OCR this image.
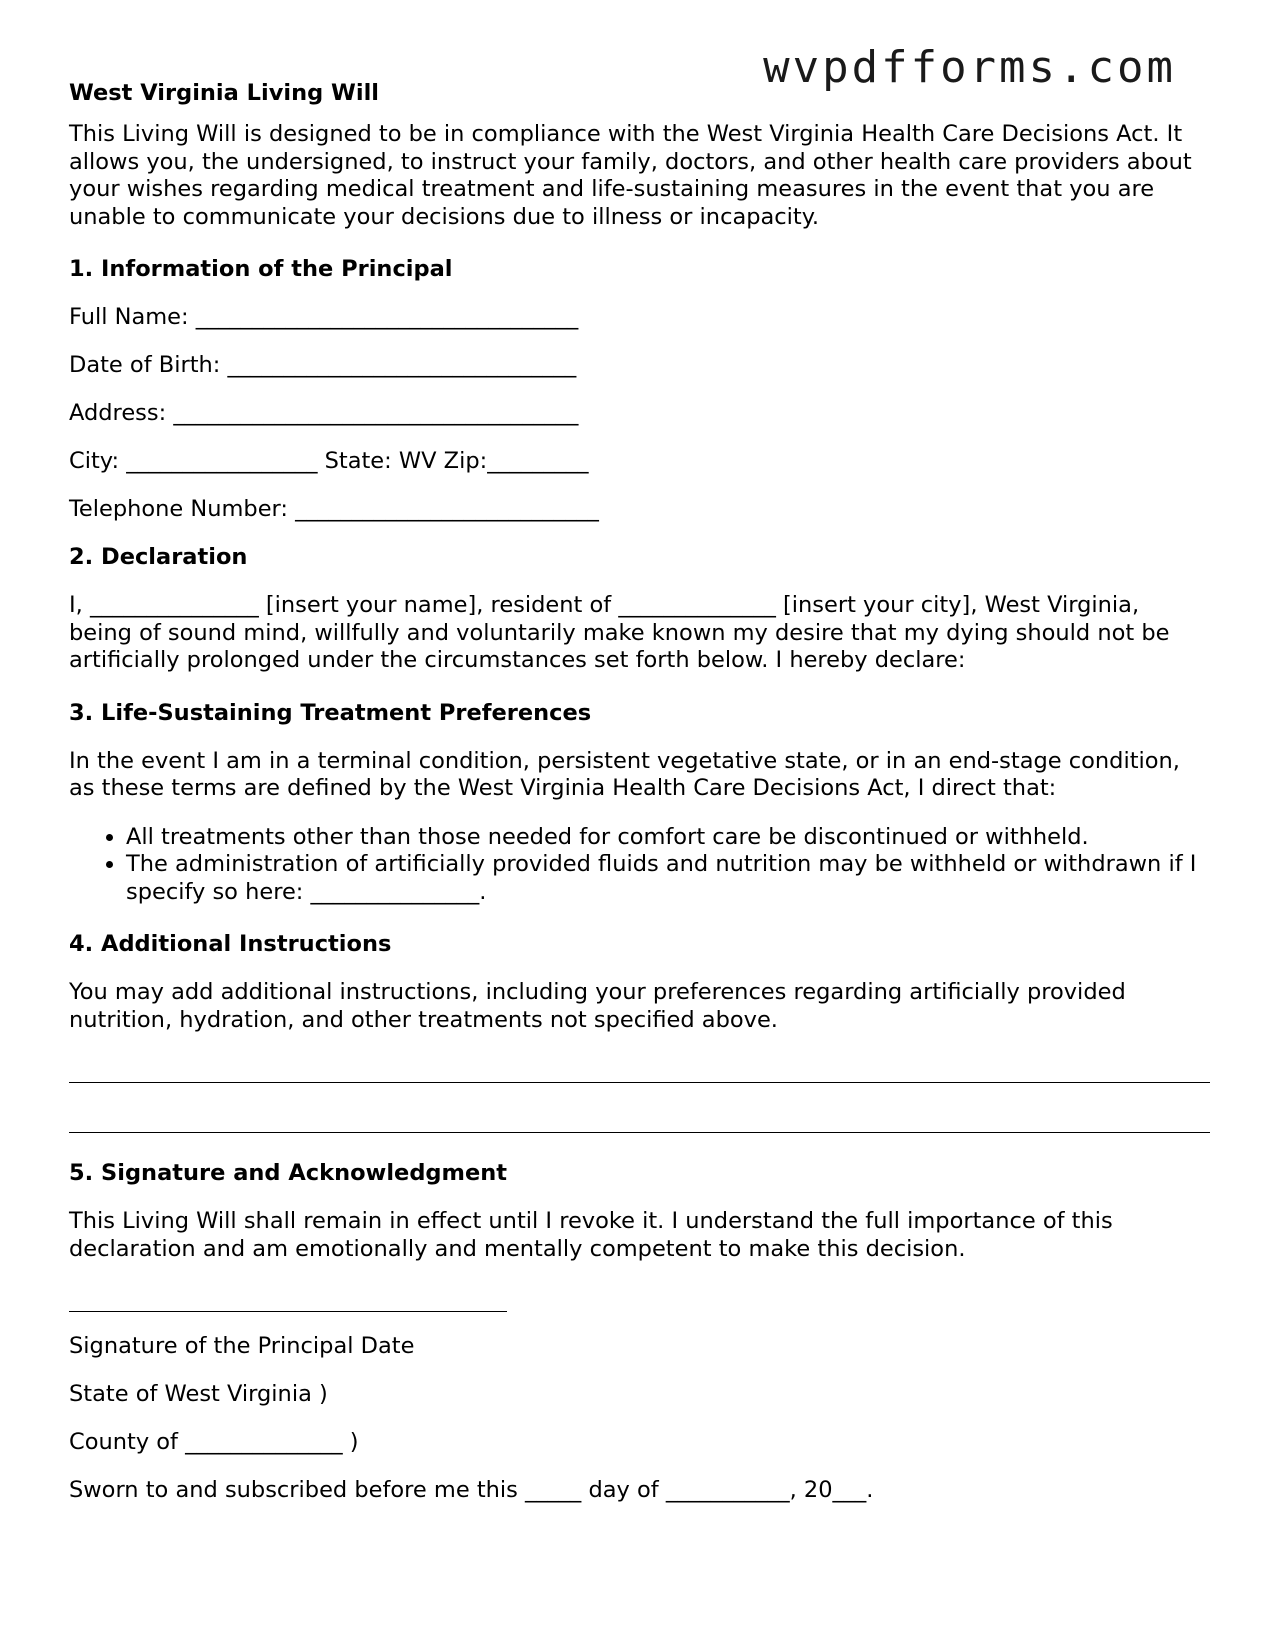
wvpdfforms.com
West Virginia Living Will

This Living Will is designed to be in compliance with the West Virginia Health Care Decisions Act. It allows you, the undersigned, to instruct your family, doctors, and other health care providers about your wishes regarding medical treatment and life-sustaining measures in the event that you are unable to communicate your decisions due to illness or incapacity.

1. Information of the Principal

Full Name: __________________________________

Date of Birth: _______________________________

Address: ____________________________________

City: _________________ State: WV Zip:_________

Telephone Number: ___________________________

2. Declaration

I, _______________ [insert your name], resident of ______________ [insert your city], West Virginia, being of sound mind, willfully and voluntarily make known my desire that my dying should not be artificially prolonged under the circumstances set forth below. I hereby declare:

3. Life-Sustaining Treatment Preferences

In the event I am in a terminal condition, persistent vegetative state, or in an end-stage condition, as these terms are defined by the West Virginia Health Care Decisions Act, I direct that:

• All treatments other than those needed for comfort care be discontinued or withheld.
• The administration of artificially provided fluids and nutrition may be withheld or withdrawn if I specify so here: _______________.
4. Additional Instructions

You may add additional instructions, including your preferences regarding artificially provided nutrition, hydration, and other treatments not specified above.

5. Signature and Acknowledgment

This Living Will shall remain in effect until I revoke it. I understand the full importance of this declaration and am emotionally and mentally competent to make this decision.

Signature of the Principal Date

State of West Virginia )

County of ______________ )

Sworn to and subscribed before me this _____ day of ___________, 20___.
